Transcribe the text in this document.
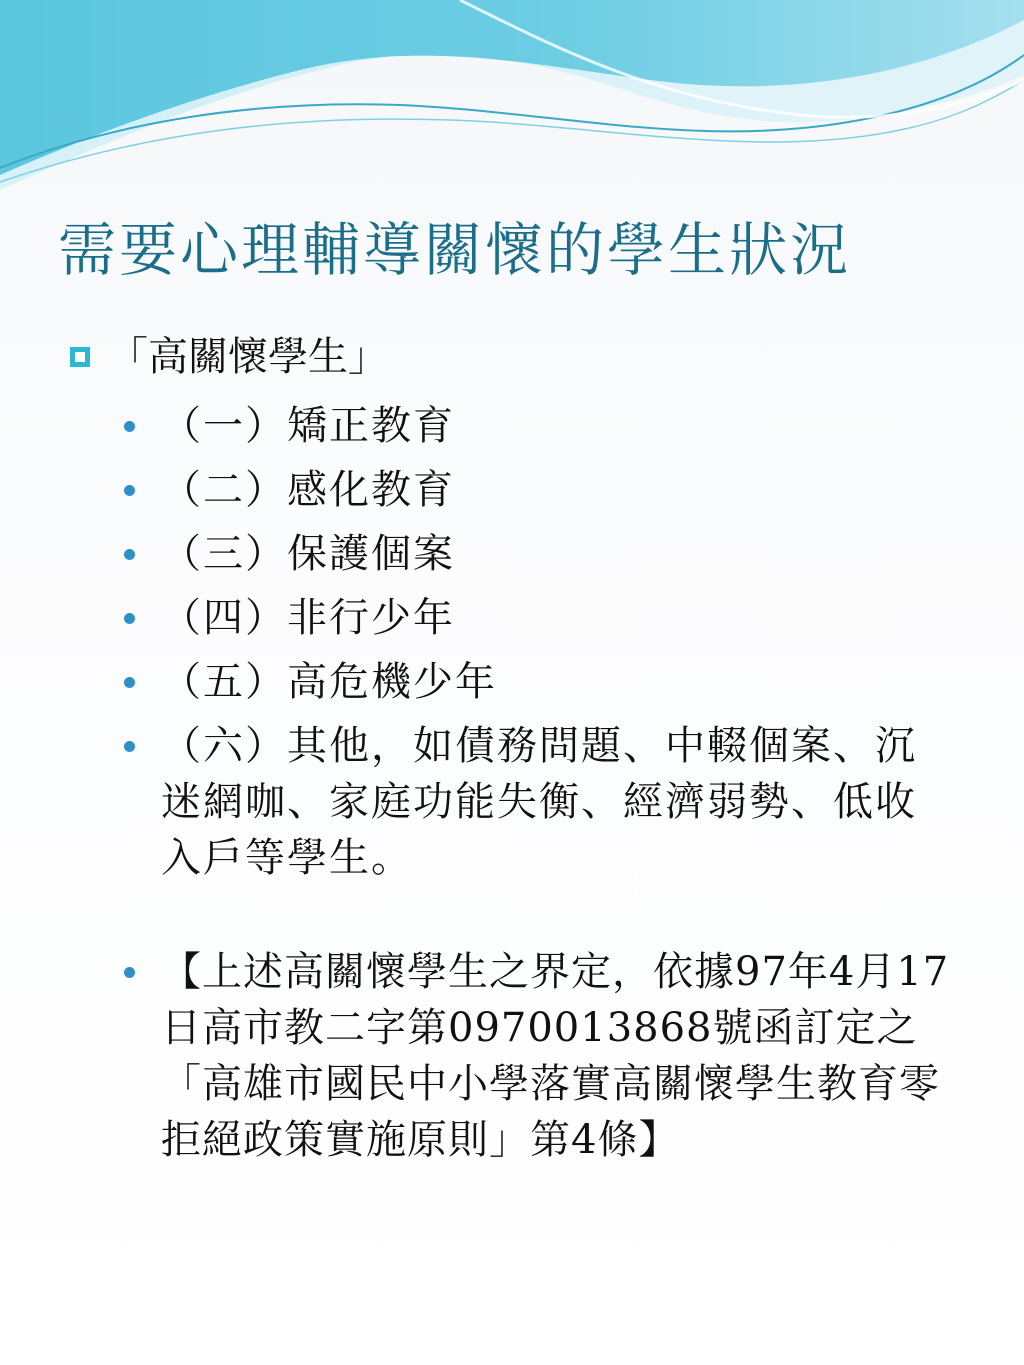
需要心理輔導關懷的學生狀況
「高關懷學生」
（一）矯正教育
（二）感化教育
（三）保護個案
（四）非行少年
（五）高危機少年
（六）其他，如債務問題、中輟個案、沉迷網咖、家庭功能失衡、經濟弱勢、低收入戶等學生。
【上述高關懷學生之界定，依據97年4月17日高市教二字第0970013868號函訂定之「高雄市國民中小學落實高關懷學生教育零拒絕政策實施原則」第4條】
